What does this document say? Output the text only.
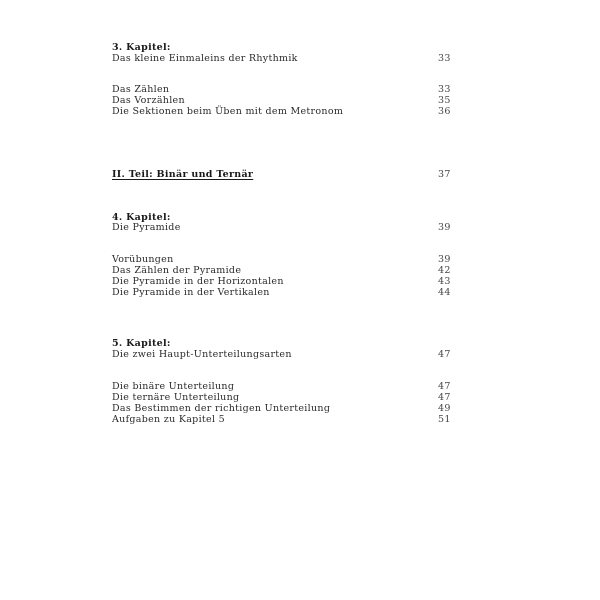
3. Kapitel:
Das kleine Einmaleins der Rhythmik	33
Das Zählen	33
Das Vorzählen	35
Die Sektionen beim Üben mit dem Metronom	36
II. Teil: Binär und Ternär	37
4. Kapitel:
Die Pyramide	39
Vorübungen	39
Das Zählen der Pyramide	42
Die Pyramide in der Horizontalen	43
Die Pyramide in der Vertikalen	44
5. Kapitel:
Die zwei Haupt-Unterteilungsarten	47
Die binäre Unterteilung	47
Die ternäre Unterteilung	47
Das Bestimmen der richtigen Unterteilung	49
Aufgaben zu Kapitel 5	51
